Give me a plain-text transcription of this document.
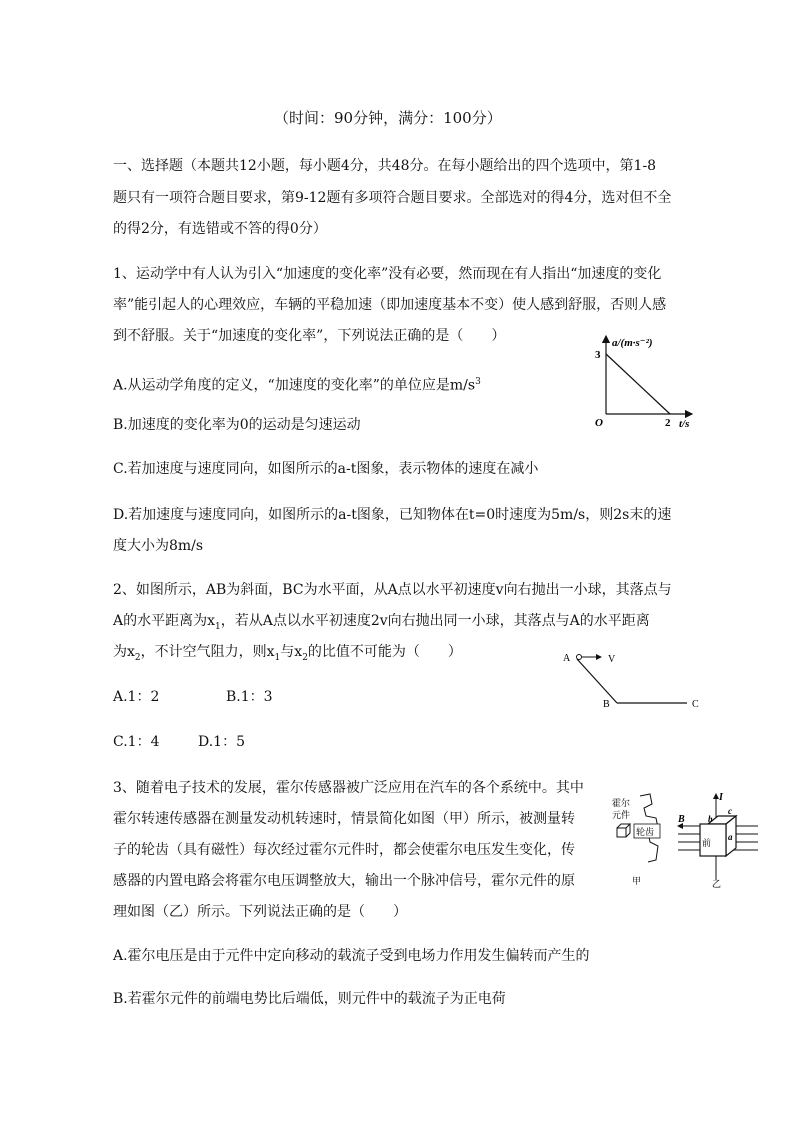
（时间：90分钟，满分：100分）
一、选择题（本题共12小题，每小题4分，共48分。在每小题给出的四个选项中，第1-8
题只有一项符合题目要求，第9-12题有多项符合题目要求。全部选对的得4分，选对但不全
的得2分，有选错或不答的得0分）
1、运动学中有人认为引入“加速度的变化率”没有必要，然而现在有人指出“加速度的变化
率”能引起人的心理效应，车辆的平稳加速（即加速度基本不变）使人感到舒服，否则人感
到不舒服。关于“加速度的变化率”，下列说法正确的是（　　）
A.从运动学角度的定义，“加速度的变化率”的单位应是$m/s^3$
B.加速度的变化率为0的运动是匀速运动
C.若加速度与速度同向，如图所示的a-t图象，表示物体的速度在减小
D.若加速度与速度同向，如图所示的a-t图象，已知物体在t=0时速度为5m/s，则2s末的速
度大小为8m/s
a/(m·s⁻²)
3
O	2 t/s
2、如图所示，AB为斜面，BC为水平面，从A点以水平初速度v向右抛出一小球，其落点与
A的水平距离为$x_1$，若从A点以水平初速度2v向右抛出同一小球，其落点与A的水平距离
为$x_2$，不计空气阻力，则$x_1$与$x_2$的比值不可能为（　　）
A.1：2	B.1：3
C.1：4	D.1：5
A	V
B	C
3、随着电子技术的发展，霍尔传感器被广泛应用在汽车的各个系统中。其中
霍尔转速传感器在测量发动机转速时，情景简化如图（甲）所示，被测量转
子的轮齿（具有磁性）每次经过霍尔元件时，都会使霍尔电压发生变化，传
感器的内置电路会将霍尔电压调整放大，输出一个脉冲信号，霍尔元件的原
理如图（乙）所示。下列说法正确的是（　　）
A.霍尔电压是由于元件中定向移动的载流子受到电场力作用发生偏转而产生的
B.若霍尔元件的前端电势比后端低，则元件中的载流子为正电荷
霍尔
元件
轮齿
甲
I
c
b
B
前
a
乙
